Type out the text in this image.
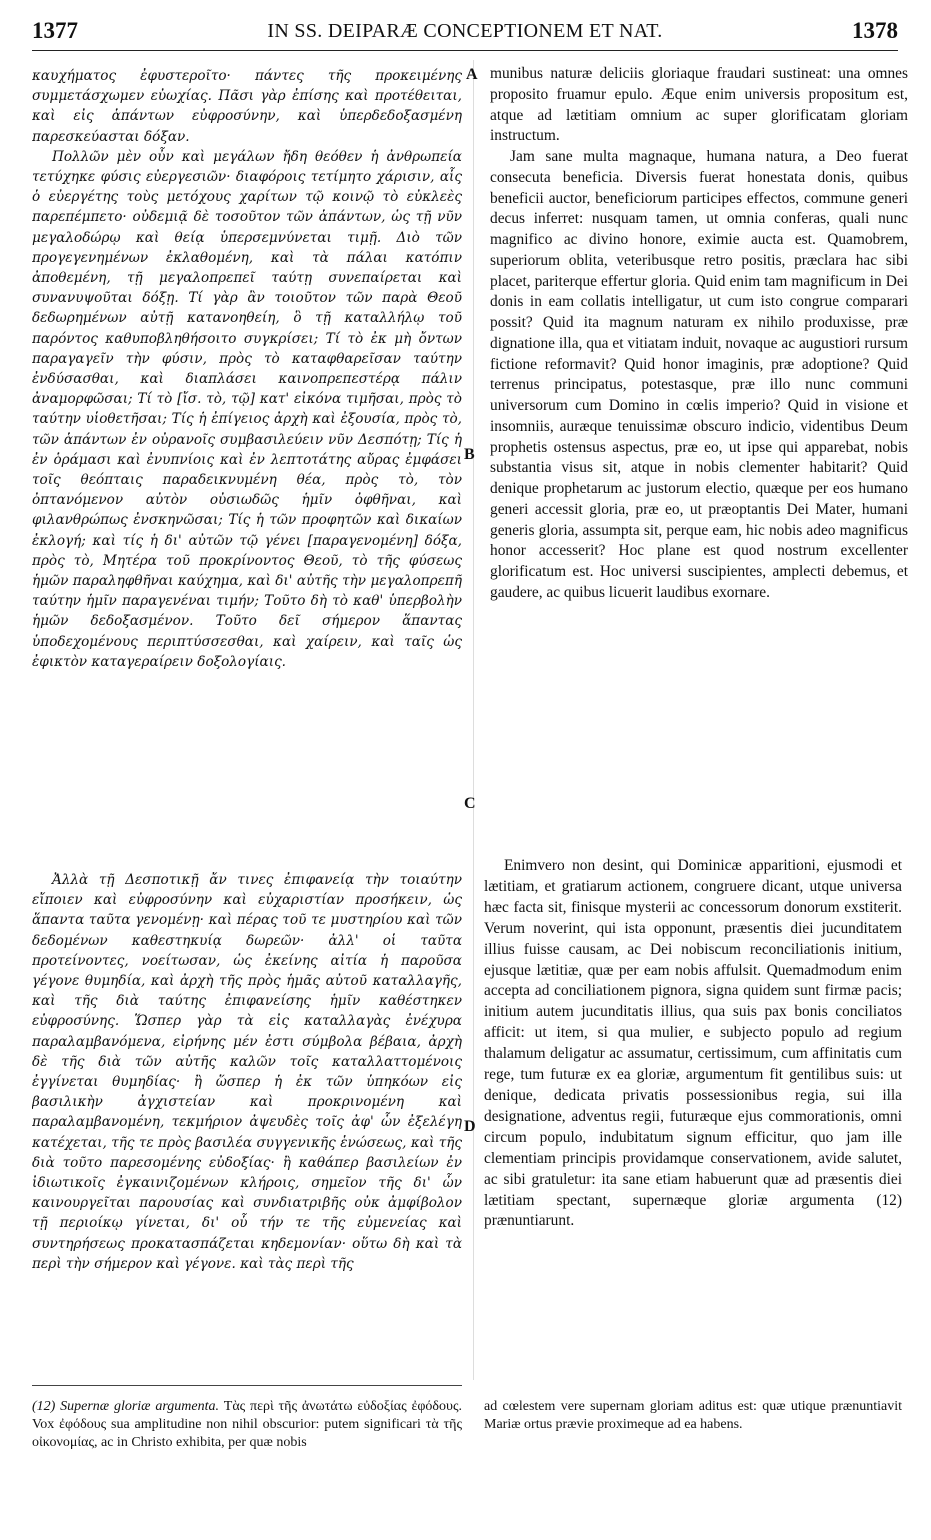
1377	IN SS. DEIPARÆ CONCEPTIONEM ET NAT.	1378

καυχήματος ἐφυστεροῖτο· πάντες τῆς προκειμένης συμμετάσχωμεν εὐωχίας. Πᾶσι γὰρ ἐπίσης καὶ προτέθειται, καὶ εἰς ἁπάντων εὐφροσύνην, καὶ ὑπερδεδοξασμένη παρεσκεύασται δόξαν.

Πολλῶν μὲν οὖν καὶ μεγάλων ἤδη θεόθεν ἡ ἀνθρωπεία τετύχηκε φύσις εὐεργεσιῶν· διαφόροις τετίμητο χάρισιν, αἷς ὁ εὐεργέτης τοὺς μετόχους χαρίτων τῷ κοινῷ τὸ εὐκλεὲς παρεπέμπετο· οὐδεμιᾷ δὲ τοσοῦτον τῶν ἁπάντων, ὡς τῇ νῦν μεγαλοδώρῳ καὶ θείᾳ ὑπερσεμνύνεται τιμῇ. Διὸ τῶν προγεγενημένων ἐκλαθομένη, καὶ τὰ πάλαι κατόπιν ἀποθεμένη, τῇ μεγαλοπρεπεῖ ταύτῃ συνεπαίρεται καὶ συνανυψοῦται δόξῃ. Τί γὰρ ἂν τοιοῦτον τῶν παρὰ Θεοῦ δεδωρημένων αὐτῇ κατανοηθείη, ὃ τῇ καταλλήλῳ τοῦ παρόντος καθυποβληθήσοιτο συγκρίσει; Τί τὸ ἐκ μὴ ὄντων παραγαγεῖν τὴν φύσιν, πρὸς τὸ καταφθαρεῖσαν ταύτην ἐνδύσασθαι, καὶ διαπλάσει καινοπρεπεστέρᾳ πάλιν ἀναμορφῶσαι; Τί τὸ [ἴσ. τὸ, τῷ] κατ' εἰκόνα τιμῆσαι, πρὸς τὸ ταύτην υἱοθετῆσαι; Τίς ἡ ἐπίγειος ἀρχὴ καὶ ἐξουσία, πρὸς τὸ, τῶν ἁπάντων ἐν οὐρανοῖς συμβασιλεύειν νῦν Δεσπότῃ; Τίς ἡ ἐν ὁράμασι καὶ ἐνυπνίοις καὶ ἐν λεπτοτάτης αὔρας ἐμφάσει τοῖς θεόπταις παραδεικνυμένη θέα, πρὸς τὸ, τὸν ὀπτανόμενον αὐτὸν οὐσιωδῶς ἡμῖν ὀφθῆναι, καὶ φιλανθρώπως ἐνσκηνῶσαι; Τίς ἡ τῶν προφητῶν καὶ δικαίων ἐκλογή; καὶ τίς ἡ δι' αὐτῶν τῷ γένει [παραγενομένη] δόξα, πρὸς τὸ, Μητέρα τοῦ προκρίνοντος Θεοῦ, τὸ τῆς φύσεως ἡμῶν παραληφθῆναι καύχημα, καὶ δι' αὐτῆς τὴν μεγαλοπρεπῆ ταύτην ἡμῖν παραγενέναι τιμήν; Τοῦτο δὴ τὸ καθ' ὑπερβολὴν ἡμῶν δεδοξασμένον. Τοῦτο δεῖ σήμερον ἅπαντας ὑποδεχομένους περιπτύσσεσθαι, καὶ χαίρειν, καὶ ταῖς ὡς ἐφικτὸν καταγεραίρειν δοξολογίαις.

Ἀλλὰ τῇ Δεσποτικῇ ἄν τινες ἐπιφανείᾳ τὴν τοιαύτην εἴποιεν καὶ εὐφροσύνην καὶ εὐχαριστίαν προσήκειν, ὡς ἅπαντα ταῦτα γενομένῃ· καὶ πέρας τοῦ τε μυστηρίου καὶ τῶν δεδομένων καθεστηκυίᾳ δωρεῶν· ἀλλ' οἱ ταῦτα προτείνοντες, νοείτωσαν, ὡς ἐκείνης αἰτία ἡ παροῦσα γέγονε θυμηδία, καὶ ἀρχὴ τῆς πρὸς ἡμᾶς αὐτοῦ καταλλαγῆς, καὶ τῆς διὰ ταύτης ἐπιφανείσης ἡμῖν καθέστηκεν εὐφροσύνης. Ὥσπερ γὰρ τὰ εἰς καταλλαγὰς ἐνέχυρα παραλαμβανόμενα, εἰρήνης μέν ἐστι σύμβολα βέβαια, ἀρχὴ δὲ τῆς διὰ τῶν αὐτῆς καλῶν τοῖς καταλλαττομένοις ἐγγίνεται θυμηδίας· ἢ ὥσπερ ἡ ἐκ τῶν ὑπηκόων εἰς βασιλικὴν ἀγχιστείαν καὶ προκρινομένη καὶ παραλαμβανομένη, τεκμήριον ἀψευδὲς τοῖς ἀφ' ὧν ἐξελέγη κατέχεται, τῆς τε πρὸς βασιλέα συγγενικῆς ἑνώσεως, καὶ τῆς διὰ τοῦτο παρεσομένης εὐδοξίας· ἢ καθάπερ βασιλείων ἐν ἰδιωτικοῖς ἐγκαινιζομένων κλήροις, σημεῖον τῆς δι' ὧν καινουργεῖται παρουσίας καὶ συνδιατριβῆς οὐκ ἀμφίβολον τῇ περιοίκῳ γίνεται, δι' οὗ τήν τε τῆς εὐμενείας καὶ συντηρήσεως προκατασπάζεται κηδεμονίαν· οὕτω δὴ καὶ τὰ περὶ τὴν σήμερον καὶ γέγονε. καὶ τὰς περὶ τῆς

A
B
C
D

munibus naturæ deliciis gloriaque fraudari sustineat: una omnes proposito fruamur epulo. Æque enim universis propositum est, atque ad lætitiam omnium ac super glorificatam gloriam instructum.

Jam sane multa magnaque, humana natura, a Deo fuerat consecuta beneficia. Diversis fuerat honestata donis, quibus beneficii auctor, beneficiorum participes effectos, commune generi decus inferret: nusquam tamen, ut omnia conferas, quali nunc magnifico ac divino honore, eximie aucta est. Quamobrem, superiorum oblita, veteribusque retro positis, præclara hac sibi placet, pariterque effertur gloria. Quid enim tam magnificum in Dei donis in eam collatis intelligatur, ut cum isto congrue comparari possit? Quid ita magnum naturam ex nihilo produxisse, præ dignatione illa, qua et vitiatam induit, novaque ac augustiori rursum fictione reformavit? Quid honor imaginis, præ adoptione? Quid terrenus principatus, potestasque, præ illo nunc communi universorum cum Domino in cœlis imperio? Quid in visione et insomniis, auræque tenuissimæ obscuro indicio, videntibus Deum prophetis ostensus aspectus, præ eo, ut ipse qui apparebat, nobis substantia visus sit, atque in nobis clementer habitarit? Quid denique prophetarum ac justorum electio, quæque per eos humano generi accessit gloria, præ eo, ut præoptantis Dei Mater, humani generis gloria, assumpta sit, perque eam, hic nobis adeo magnificus honor accesserit? Hoc plane est quod nostrum excellenter glorificatum est. Hoc universi suscipientes, amplecti debemus, et gaudere, ac quibus licuerit laudibus exornare.

Enimvero non desint, qui Dominicæ apparitioni, ejusmodi et lætitiam, et gratiarum actionem, congruere dicant, utque universa hæc facta sit, finisque mysterii ac concessorum donorum exstiterit. Verum noverint, qui ista opponunt, præsentis diei jucunditatem illius fuisse causam, ac Dei nobiscum reconciliationis initium, ejusque lætitiæ, quæ per eam nobis affulsit. Quemadmodum enim accepta ad conciliationem pignora, signa quidem sunt firmæ pacis; initium autem jucunditatis illius, qua suis pax bonis conciliatos afficit: ut item, si qua mulier, e subjecto populo ad regium thalamum deligatur ac assumatur, certissimum, cum affinitatis cum rege, tum futuræ ex ea gloriæ, argumentum fit gentilibus suis: ut denique, dedicata privatis possessionibus regia, sui illa designatione, adventus regii, futuræque ejus commorationis, omni circum populo, indubitatum signum efficitur, quo jam ille clementiam principis providamque conservationem, avide salutet, ac sibi gratuletur: ita sane etiam habuerunt quæ ad præsentis diei lætitiam spectant, supernæque gloriæ argumenta (12) prænuntiarunt.

(12) Supernæ gloriæ argumenta. Τὰς περὶ τῆς ἀνωτάτω εὐδοξίας ἐφόδους. Vox ἐφόδους sua amplitudine non nihil obscurior: putem significari τὰ τῆς οἰκονομίας, ac in Christo exhibita, per quæ nobis
ad cœlestem vere supernam gloriam aditus est: quæ utique prænuntiavit Mariæ ortus prævie proximeque ad ea habens.
